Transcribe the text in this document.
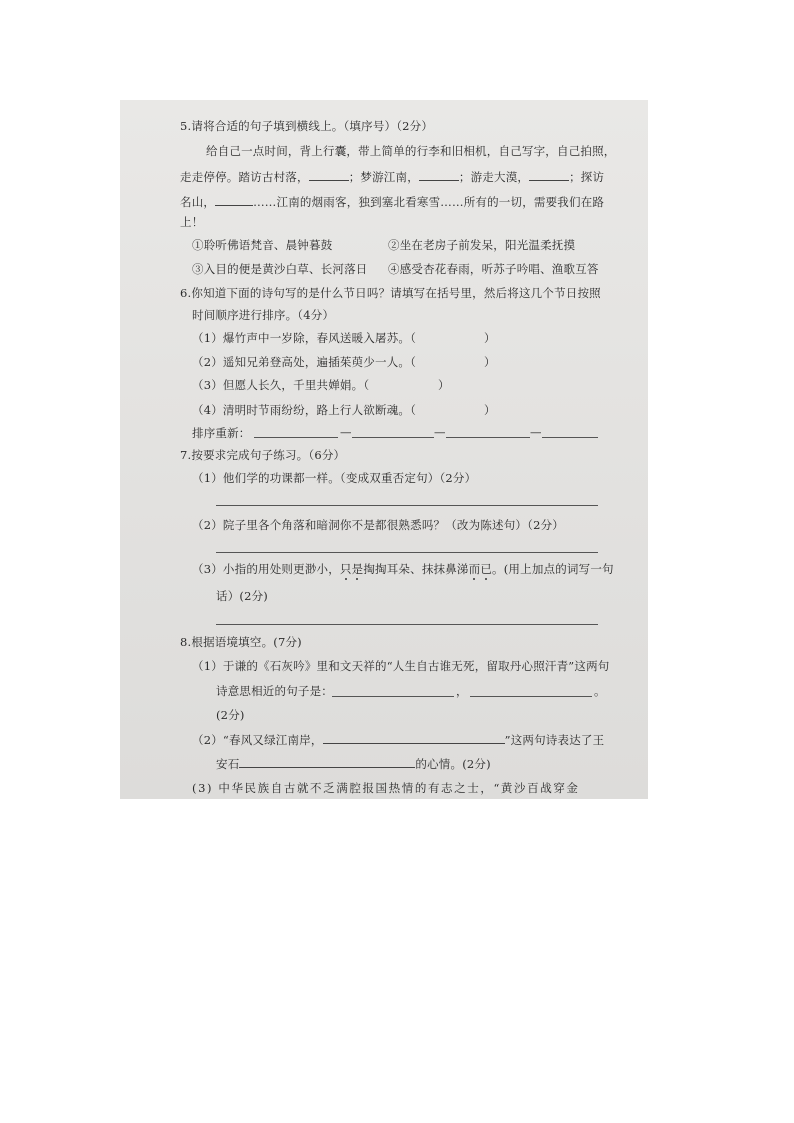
5.请将合适的句子填到横线上。（填序号）（2分）
给自己一点时间，背上行囊，带上简单的行李和旧相机，自己写字，自己拍照，
走走停停。踏访古村落，	；梦游江南，	；游走大漠，	；探访
名山，	……江南的烟雨客，独到塞北看寒雪……所有的一切，需要我们在路
上！
①聆听佛语梵音、晨钟暮鼓	②坐在老房子前发呆，阳光温柔抚摸
③入目的便是黄沙白草、长河落日 ④感受杏花春雨，听苏子吟唱、渔歌互答
6.你知道下面的诗句写的是什么节日吗？请填写在括号里，然后将这几个节日按照
时间顺序进行排序。（4分）
（1）爆竹声中一岁除，春风送暖入屠苏。（	）
（2）遥知兄弟登高处，遍插茱萸少一人。（	）
（3）但愿人长久，千里共婵娟。（	）
（4）清明时节雨纷纷，路上行人欲断魂。（	）
排序重新：	—	—	—
7.按要求完成句子练习。（6分）
（1）他们学的功课都一样。（变成双重否定句）（2分）
（2）院子里各个角落和暗洞你不是都很熟悉吗？（改为陈述句）（2分）
（3）小指的用处则更渺小，只是掏掏耳朵、抹抹鼻涕而已。(用上加点的词写一句
话）(2分)
8.根据语境填空。(7分)
（1）于谦的《石灰吟》里和文天祥的“人生自古谁无死，留取丹心照汗青”这两句
诗意思相近的句子是：	，	。
(2分)
（2）“春风又绿江南岸，	”这两句诗表达了王
安石	的心情。(2分)
(3) 中华民族自古就不乏满腔报国热情的有志之士，“黄沙百战穿金
